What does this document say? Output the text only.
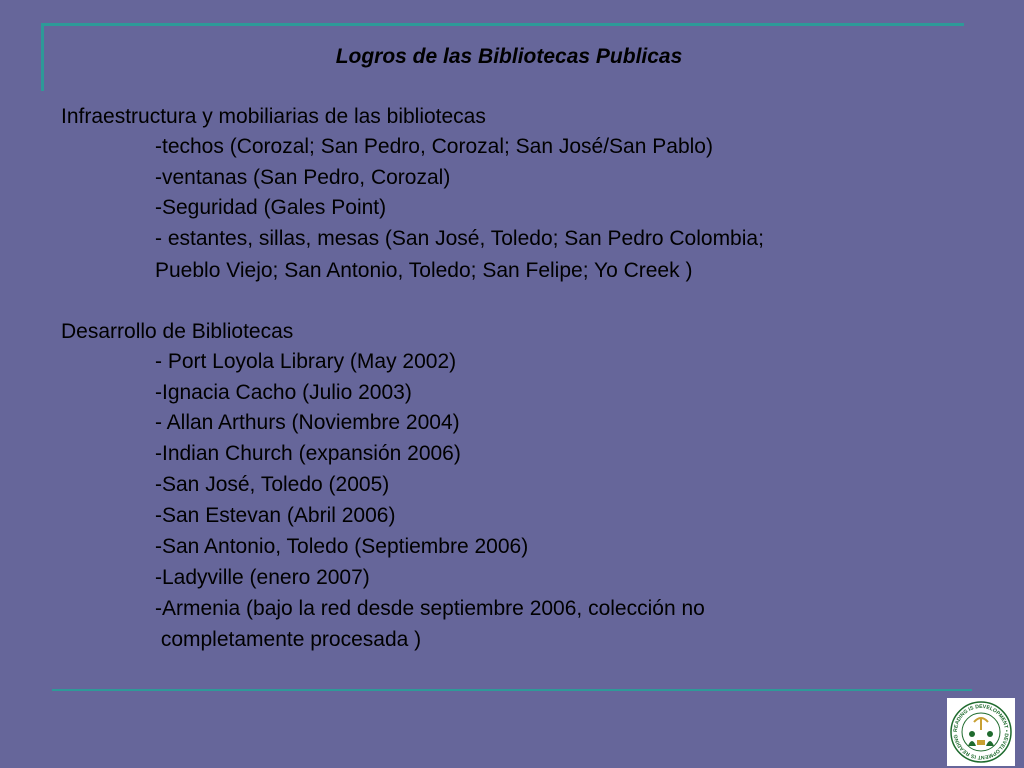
Logros de las Bibliotecas Publicas
Infraestructura y mobiliarias de las bibliotecas
-techos (Corozal; San Pedro, Corozal; San José/San Pablo)
-ventanas (San Pedro, Corozal)
-Seguridad (Gales Point)
- estantes, sillas, mesas (San José, Toledo; San Pedro Colombia;
Pueblo Viejo; San Antonio, Toledo; San Felipe; Yo Creek )
Desarrollo de Bibliotecas
- Port Loyola Library (May 2002)
-Ignacia Cacho (Julio 2003)
- Allan Arthurs (Noviembre 2004)
-Indian Church (expansión 2006)
-San José, Toledo (2005)
-San Estevan (Abril 2006)
-San Antonio, Toledo (Septiembre 2006)
-Ladyville (enero 2007)
-Armenia (bajo la red desde septiembre 2006, colección no
completamente procesada )
READING IS DEVELOPMENT • DEVELOPMENT IS READING
